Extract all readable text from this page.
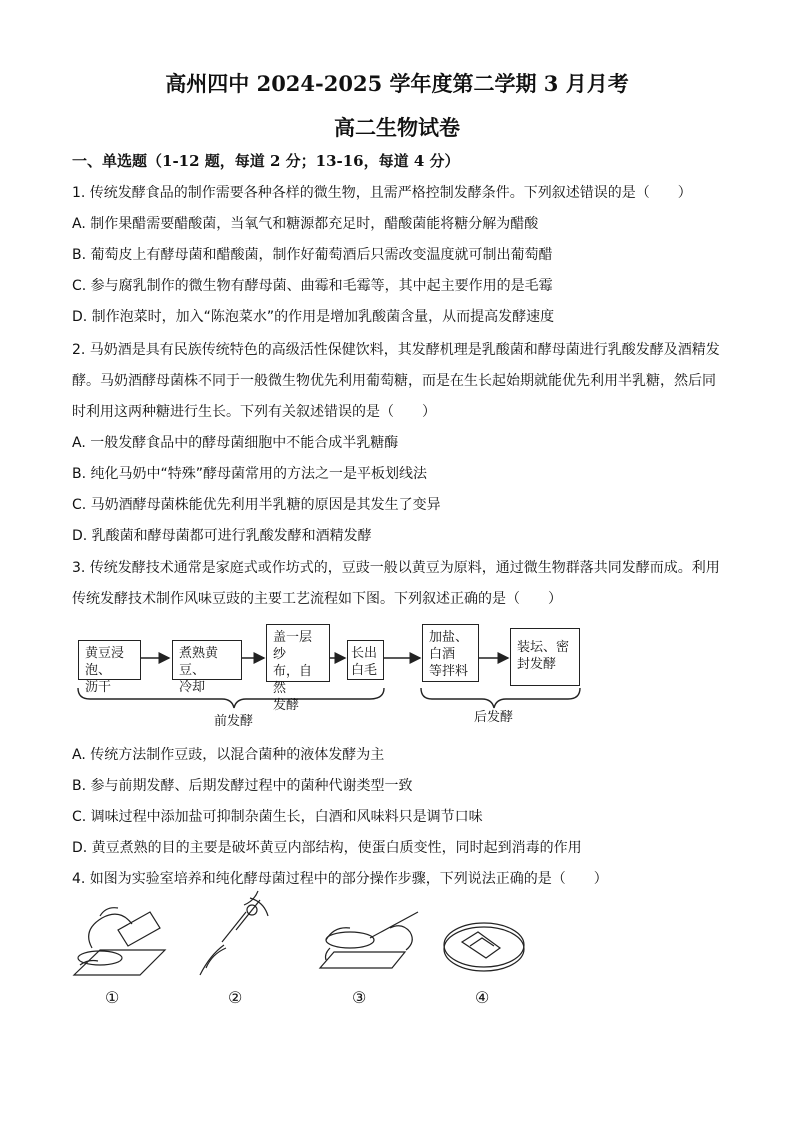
高州四中 2024-2025 学年度第二学期 3 月月考
高二生物试卷
一、单选题（1-12 题，每道 2 分；13-16，每道 4 分）
1. 传统发酵食品的制作需要各种各样的微生物，且需严格控制发酵条件。下列叙述错误的是（　　）
A. 制作果醋需要醋酸菌，当氧气和糖源都充足时，醋酸菌能将糖分解为醋酸
B. 葡萄皮上有酵母菌和醋酸菌，制作好葡萄酒后只需改变温度就可制出葡萄醋
C. 参与腐乳制作的微生物有酵母菌、曲霉和毛霉等，其中起主要作用的是毛霉
D. 制作泡菜时，加入“陈泡菜水”的作用是增加乳酸菌含量，从而提高发酵速度
2. 马奶酒是具有民族传统特色的高级活性保健饮料，其发酵机理是乳酸菌和酵母菌进行乳酸发酵及酒精发
酵。马奶酒酵母菌株不同于一般微生物优先利用葡萄糖，而是在生长起始期就能优先利用半乳糖，然后同
时利用这两种糖进行生长。下列有关叙述错误的是（　　）
A. 一般发酵食品中的酵母菌细胞中不能合成半乳糖酶
B. 纯化马奶中“特殊”酵母菌常用的方法之一是平板划线法
C. 马奶酒酵母菌株能优先利用半乳糖的原因是其发生了变异
D. 乳酸菌和酵母菌都可进行乳酸发酵和酒精发酵
3. 传统发酵技术通常是家庭式或作坊式的，豆豉一般以黄豆为原料，通过微生物群落共同发酵而成。利用
传统发酵技术制作风味豆豉的主要工艺流程如下图。下列叙述正确的是（　　）
黄豆浸泡、
沥干
煮熟黄豆、
冷却
盖一层纱
布，自然
发酵
长出
白毛
加盐、
白酒
等拌料
装坛、密
封发酵
前发酵	后发酵
A. 传统方法制作豆豉，以混合菌种的液体发酵为主
B. 参与前期发酵、后期发酵过程中的菌种代谢类型一致
C. 调味过程中添加盐可抑制杂菌生长，白酒和风味料只是调节口味
D. 黄豆煮熟的目的主要是破坏黄豆内部结构，使蛋白质变性，同时起到消毒的作用
4. 如图为实验室培养和纯化酵母菌过程中的部分操作步骤，下列说法正确的是（　　）
①	②	③	④
